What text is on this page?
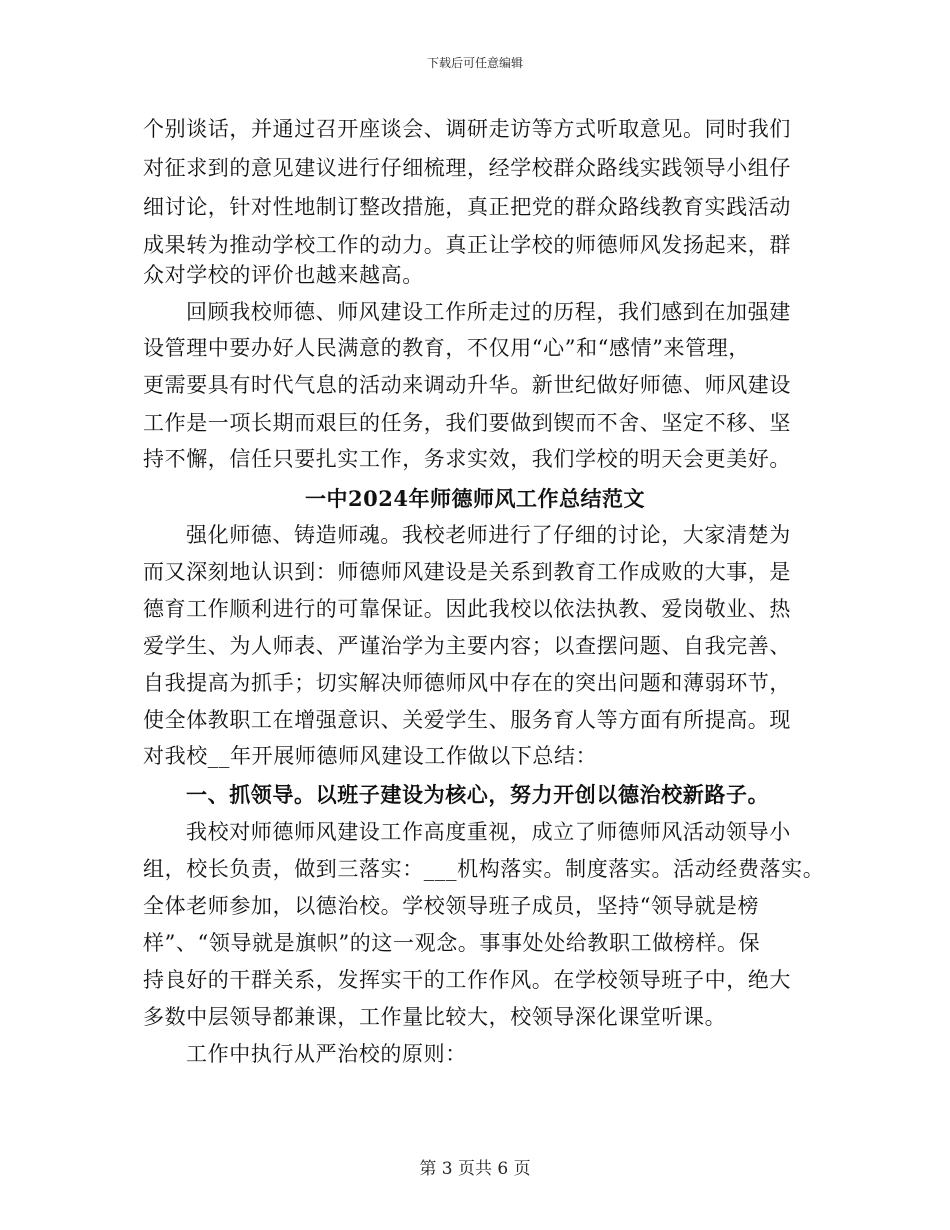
下载后可任意编辑
个别谈话，并通过召开座谈会、调研走访等方式听取意见。同时我们
对征求到的意见建议进行仔细梳理，经学校群众路线实践领导小组仔
细讨论，针对性地制订整改措施，真正把党的群众路线教育实践活动
成果转为推动学校工作的动力。真正让学校的师德师风发扬起来，群
众对学校的评价也越来越高。
回顾我校师德、师风建设工作所走过的历程，我们感到在加强建
设管理中要办好人民满意的教育，不仅用“心”和“感情”来管理，
更需要具有时代气息的活动来调动升华。新世纪做好师德、师风建设
工作是一项长期而艰巨的任务，我们要做到锲而不舍、坚定不移、坚
持不懈，信任只要扎实工作，务求实效，我们学校的明天会更美好。
一中2024年师德师风工作总结范文
强化师德、铸造师魂。我校老师进行了仔细的讨论，大家清楚为
而又深刻地认识到：师德师风建设是关系到教育工作成败的大事，是
德育工作顺利进行的可靠保证。因此我校以依法执教、爱岗敬业、热
爱学生、为人师表、严谨治学为主要内容；以查摆问题、自我完善、
自我提高为抓手；切实解决师德师风中存在的突出问题和薄弱环节，
使全体教职工在增强意识、关爱学生、服务育人等方面有所提高。现
对我校__年开展师德师风建设工作做以下总结：
一、抓领导。以班子建设为核心，努力开创以德治校新路子。
我校对师德师风建设工作高度重视，成立了师德师风活动领导小
组，校长负责，做到三落实：___机构落实。制度落实。活动经费落实。
全体老师参加，以德治校。学校领导班子成员，坚持“领导就是榜
样”、“领导就是旗帜”的这一观念。事事处处给教职工做榜样。保
持良好的干群关系，发挥实干的工作作风。在学校领导班子中，绝大
多数中层领导都兼课，工作量比较大，校领导深化课堂听课。
工作中执行从严治校的原则：
第 3 页共 6 页
